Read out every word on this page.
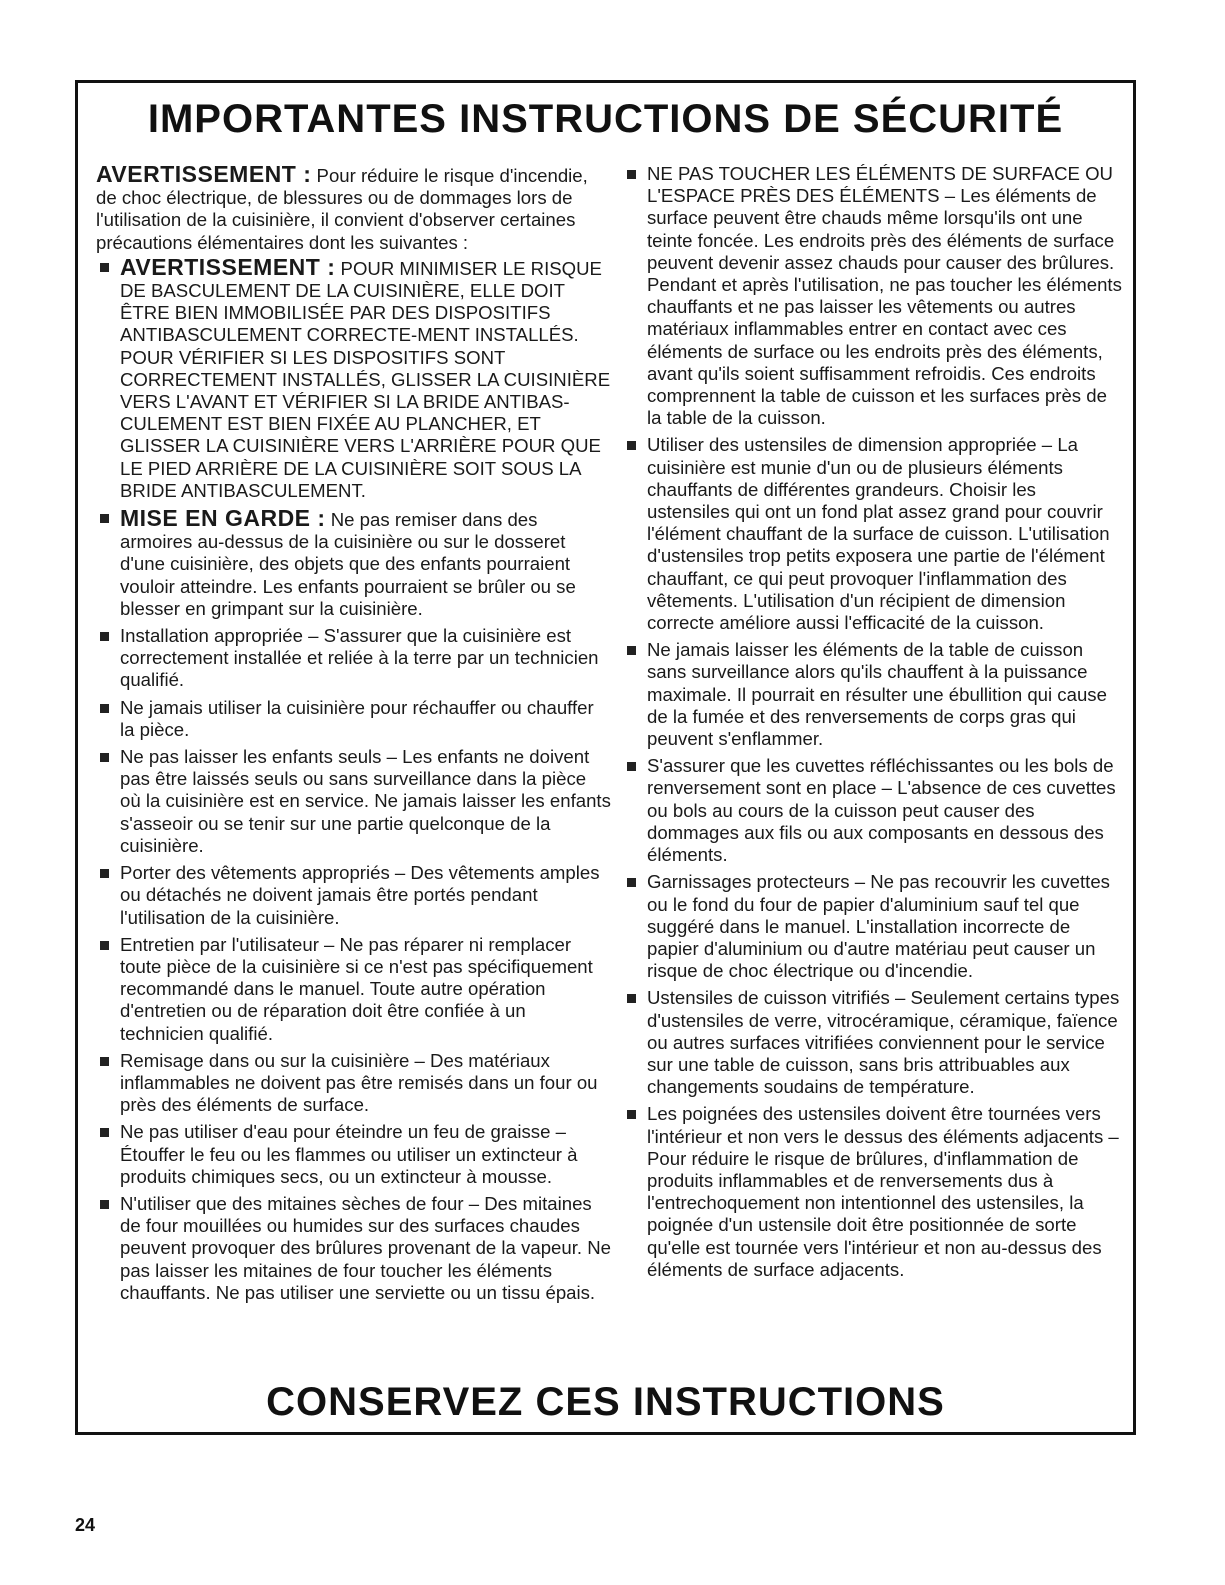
IMPORTANTES INSTRUCTIONS DE SÉCURITÉ

AVERTISSEMENT : Pour réduire le risque d'incendie, de choc électrique, de blessures ou de dommages lors de l'utilisation de la cuisinière, il convient d'observer certaines précautions élémentaires dont les suivantes :

AVERTISSEMENT : POUR MINIMISER LE RISQUE DE BASCULEMENT DE LA CUISINIÈRE, ELLE DOIT ÊTRE BIEN IMMOBILISÉE PAR DES DISPOSITIFS ANTIBASCULEMENT CORRECTE-MENT INSTALLÉS. POUR VÉRIFIER SI LES DISPOSITIFS SONT CORRECTEMENT INSTALLÉS, GLISSER LA CUISINIÈRE VERS L'AVANT ET VÉRIFIER SI LA BRIDE ANTIBAS-CULEMENT EST BIEN FIXÉE AU PLANCHER, ET GLISSER LA CUISINIÈRE VERS L'ARRIÈRE POUR QUE LE PIED ARRIÈRE DE LA CUISINIÈRE SOIT SOUS LA BRIDE ANTIBASCULEMENT.
MISE EN GARDE : Ne pas remiser dans des armoires au-dessus de la cuisinière ou sur le dosseret d'une cuisinière, des objets que des enfants pourraient vouloir atteindre. Les enfants pourraient se brûler ou se blesser en grimpant sur la cuisinière.
Installation appropriée – S'assurer que la cuisinière est correctement installée et reliée à la terre par un technicien qualifié.
Ne jamais utiliser la cuisinière pour réchauffer ou chauffer la pièce.
Ne pas laisser les enfants seuls – Les enfants ne doivent pas être laissés seuls ou sans surveillance dans la pièce où la cuisinière est en service. Ne jamais laisser les enfants s'asseoir ou se tenir sur une partie quelconque de la cuisinière.
Porter des vêtements appropriés – Des vêtements amples ou détachés ne doivent jamais être portés pendant l'utilisation de la cuisinière.
Entretien par l'utilisateur – Ne pas réparer ni remplacer toute pièce de la cuisinière si ce n'est pas spécifiquement recommandé dans le manuel. Toute autre opération d'entretien ou de réparation doit être confiée à un technicien qualifié.
Remisage dans ou sur la cuisinière – Des matériaux inflammables ne doivent pas être remisés dans un four ou près des éléments de surface.
Ne pas utiliser d'eau pour éteindre un feu de graisse – Étouffer le feu ou les flammes ou utiliser un extincteur à produits chimiques secs, ou un extincteur à mousse.
N'utiliser que des mitaines sèches de four – Des mitaines de four mouillées ou humides sur des surfaces chaudes peuvent provoquer des brûlures provenant de la vapeur. Ne pas laisser les mitaines de four toucher les éléments chauffants. Ne pas utiliser une serviette ou un tissu épais.
NE PAS TOUCHER LES ÉLÉMENTS DE SURFACE OU L'ESPACE PRÈS DES ÉLÉMENTS – Les éléments de surface peuvent être chauds même lorsqu'ils ont une teinte foncée. Les endroits près des éléments de surface peuvent devenir assez chauds pour causer des brûlures. Pendant et après l'utilisation, ne pas toucher les éléments chauffants et ne pas laisser les vêtements ou autres matériaux inflammables entrer en contact avec ces éléments de surface ou les endroits près des éléments, avant qu'ils soient suffisamment refroidis. Ces endroits comprennent la table de cuisson et les surfaces près de la table de la cuisson.
Utiliser des ustensiles de dimension appropriée – La cuisinière est munie d'un ou de plusieurs éléments chauffants de différentes grandeurs. Choisir les ustensiles qui ont un fond plat assez grand pour couvrir l'élément chauffant de la surface de cuisson. L'utilisation d'ustensiles trop petits exposera une partie de l'élément chauffant, ce qui peut provoquer l'inflammation des vêtements. L'utilisation d'un récipient de dimension correcte améliore aussi l'efficacité de la cuisson.
Ne jamais laisser les éléments de la table de cuisson sans surveillance alors qu'ils chauffent à la puissance maximale. Il pourrait en résulter une ébullition qui cause de la fumée et des renversements de corps gras qui peuvent s'enflammer.
S'assurer que les cuvettes réfléchissantes ou les bols de renversement sont en place – L'absence de ces cuvettes ou bols au cours de la cuisson peut causer des dommages aux fils ou aux composants en dessous des éléments.
Garnissages protecteurs – Ne pas recouvrir les cuvettes ou le fond du four de papier d'aluminium sauf tel que suggéré dans le manuel. L'installation incorrecte de papier d'aluminium ou d'autre matériau peut causer un risque de choc électrique ou d'incendie.
Ustensiles de cuisson vitrifiés – Seulement certains types d'ustensiles de verre, vitrocéramique, céramique, faïence ou autres surfaces vitrifiées conviennent pour le service sur une table de cuisson, sans bris attribuables aux changements soudains de température.
Les poignées des ustensiles doivent être tournées vers l'intérieur et non vers le dessus des éléments adjacents – Pour réduire le risque de brûlures, d'inflammation de produits inflammables et de renversements dus à l'entrechoquement non intentionnel des ustensiles, la poignée d'un ustensile doit être positionnée de sorte qu'elle est tournée vers l'intérieur et non au-dessus des éléments de surface adjacents.
CONSERVEZ CES INSTRUCTIONS
24
